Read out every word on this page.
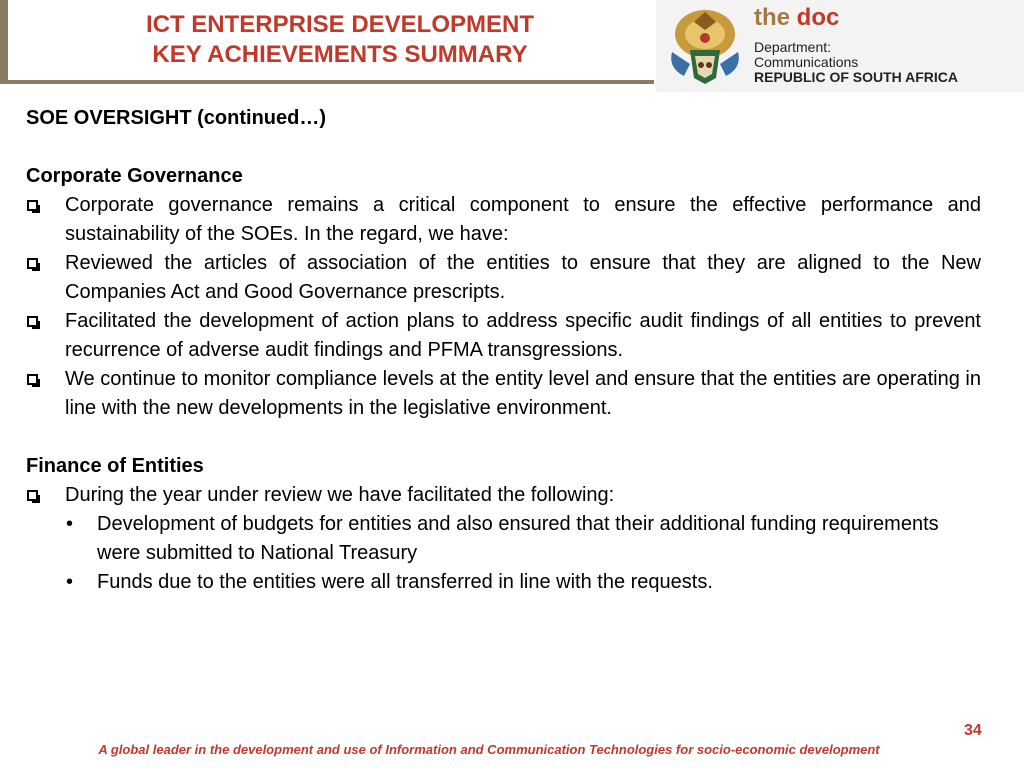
ICT ENTERPRISE DEVELOPMENT
KEY ACHIEVEMENTS SUMMARY
the doc
Department:
Communications
REPUBLIC OF SOUTH AFRICA
SOE OVERSIGHT (continued…)
Corporate Governance
Corporate governance remains a critical component to ensure the effective performance and sustainability of the SOEs. In the regard, we have:
Reviewed the articles of association of the entities to ensure that they are aligned to the New Companies Act and Good Governance prescripts.
Facilitated the development of action plans to address specific audit findings of all entities to prevent recurrence of adverse audit findings and PFMA transgressions.
We continue to monitor compliance levels at the entity level and ensure that the entities are operating in line with the new developments in the legislative environment.
Finance of Entities
During the year under review we have facilitated the following:
•	Development of budgets for entities and also ensured that their additional funding requirements were submitted to National Treasury
•	Funds due to the entities were all transferred in line with the requests.
34
A global leader in the development and use of Information and Communication Technologies for socio-economic development
